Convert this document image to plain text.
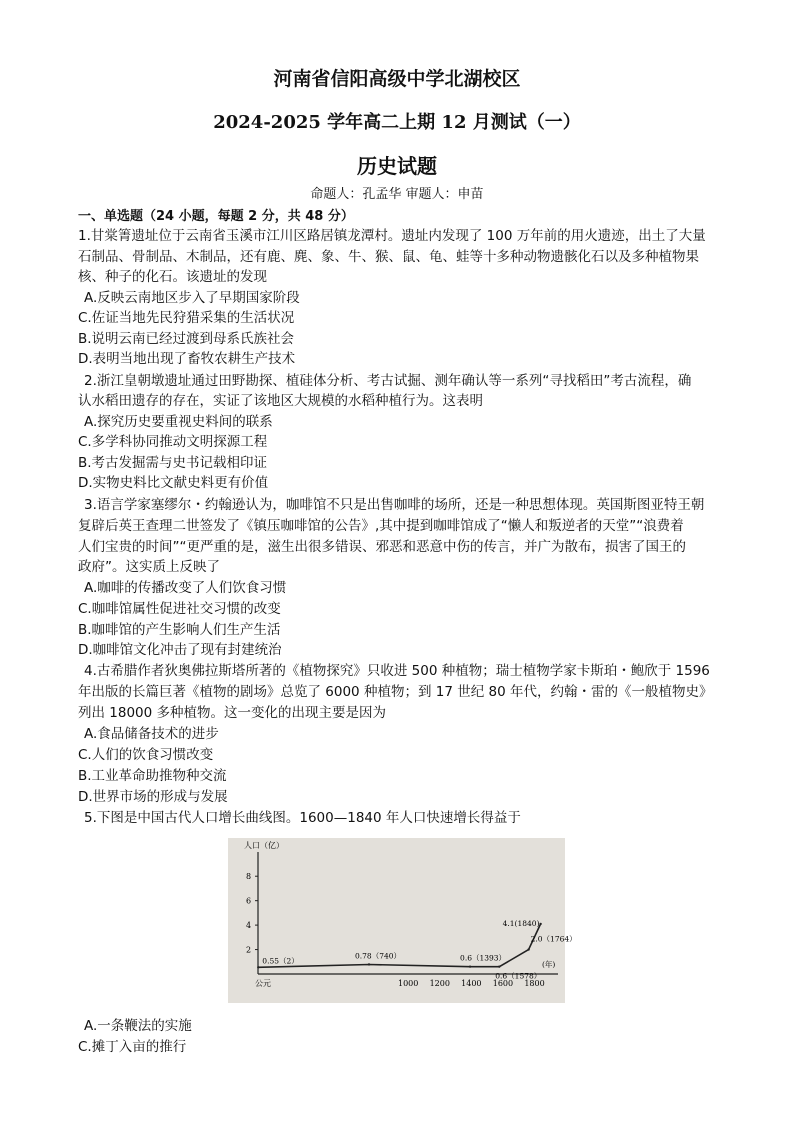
河南省信阳高级中学北湖校区
2024-2025 学年高二上期 12 月测试（一）
历史试题
命题人：孔孟华 审题人：申苗
一、单选题（24 小题，每题 2 分，共 48 分）
1.甘棠箐遗址位于云南省玉溪市江川区路居镇龙潭村。遗址内发现了 100 万年前的用火遗迹，出土了大量
石制品、骨制品、木制品，还有鹿、麂、象、牛、猴、鼠、龟、蛙等十多种动物遗骸化石以及多种植物果
核、种子的化石。该遗址的发现
A.反映云南地区步入了早期国家阶段
C.佐证当地先民狩猎采集的生活状况
B.说明云南已经过渡到母系氏族社会
D.表明当地出现了畜牧农耕生产技术
2.浙江皇朝墩遗址通过田野勘探、植硅体分析、考古试掘、测年确认等一系列“寻找稻田”考古流程，确
认水稻田遗存的存在，实证了该地区大规模的水稻种植行为。这表明
A.探究历史要重视史料间的联系
C.多学科协同推动文明探源工程
B.考古发掘需与史书记载相印证
D.实物史料比文献史料更有价值
3.语言学家塞缪尔・约翰逊认为，咖啡馆不只是出售咖啡的场所，还是一种思想体现。英国斯图亚特王朝
复辟后英王查理二世签发了《镇压咖啡馆的公告》,其中提到咖啡馆成了“懒人和叛逆者的天堂”“浪费着
人们宝贵的时间”“更严重的是，滋生出很多错误、邪恶和恶意中伤的传言，并广为散布，损害了国王的
政府”。这实质上反映了
A.咖啡的传播改变了人们饮食习惯
C.咖啡馆属性促进社交习惯的改变
B.咖啡馆的产生影响人们生产生活
D.咖啡馆文化冲击了现有封建统治
4.古希腊作者狄奥佛拉斯塔所著的《植物探究》只收进 500 种植物；瑞士植物学家卡斯珀・鲍欣于 1596
年出版的长篇巨著《植物的剧场》总览了 6000 种植物；到 17 世纪 80 年代，约翰・雷的《一般植物史》
列出 18000 多种植物。这一变化的出现主要是因为
A.食品储备技术的进步
C.人们的饮食习惯改变
B.工业革命助推物种交流
D.世界市场的形成与发展
5.下图是中国古代人口增长曲线图。1600—1840 年人口快速增长得益于
人口（亿）
2
4
6
8
公元	1000 1200 1400 1600 1800
(年)
0.55（2）
0.78（740）	0.6（1393）
0.6（1578）
2.0（1764）
4.1(1840)
A.一条鞭法的实施
C.摊丁入亩的推行
